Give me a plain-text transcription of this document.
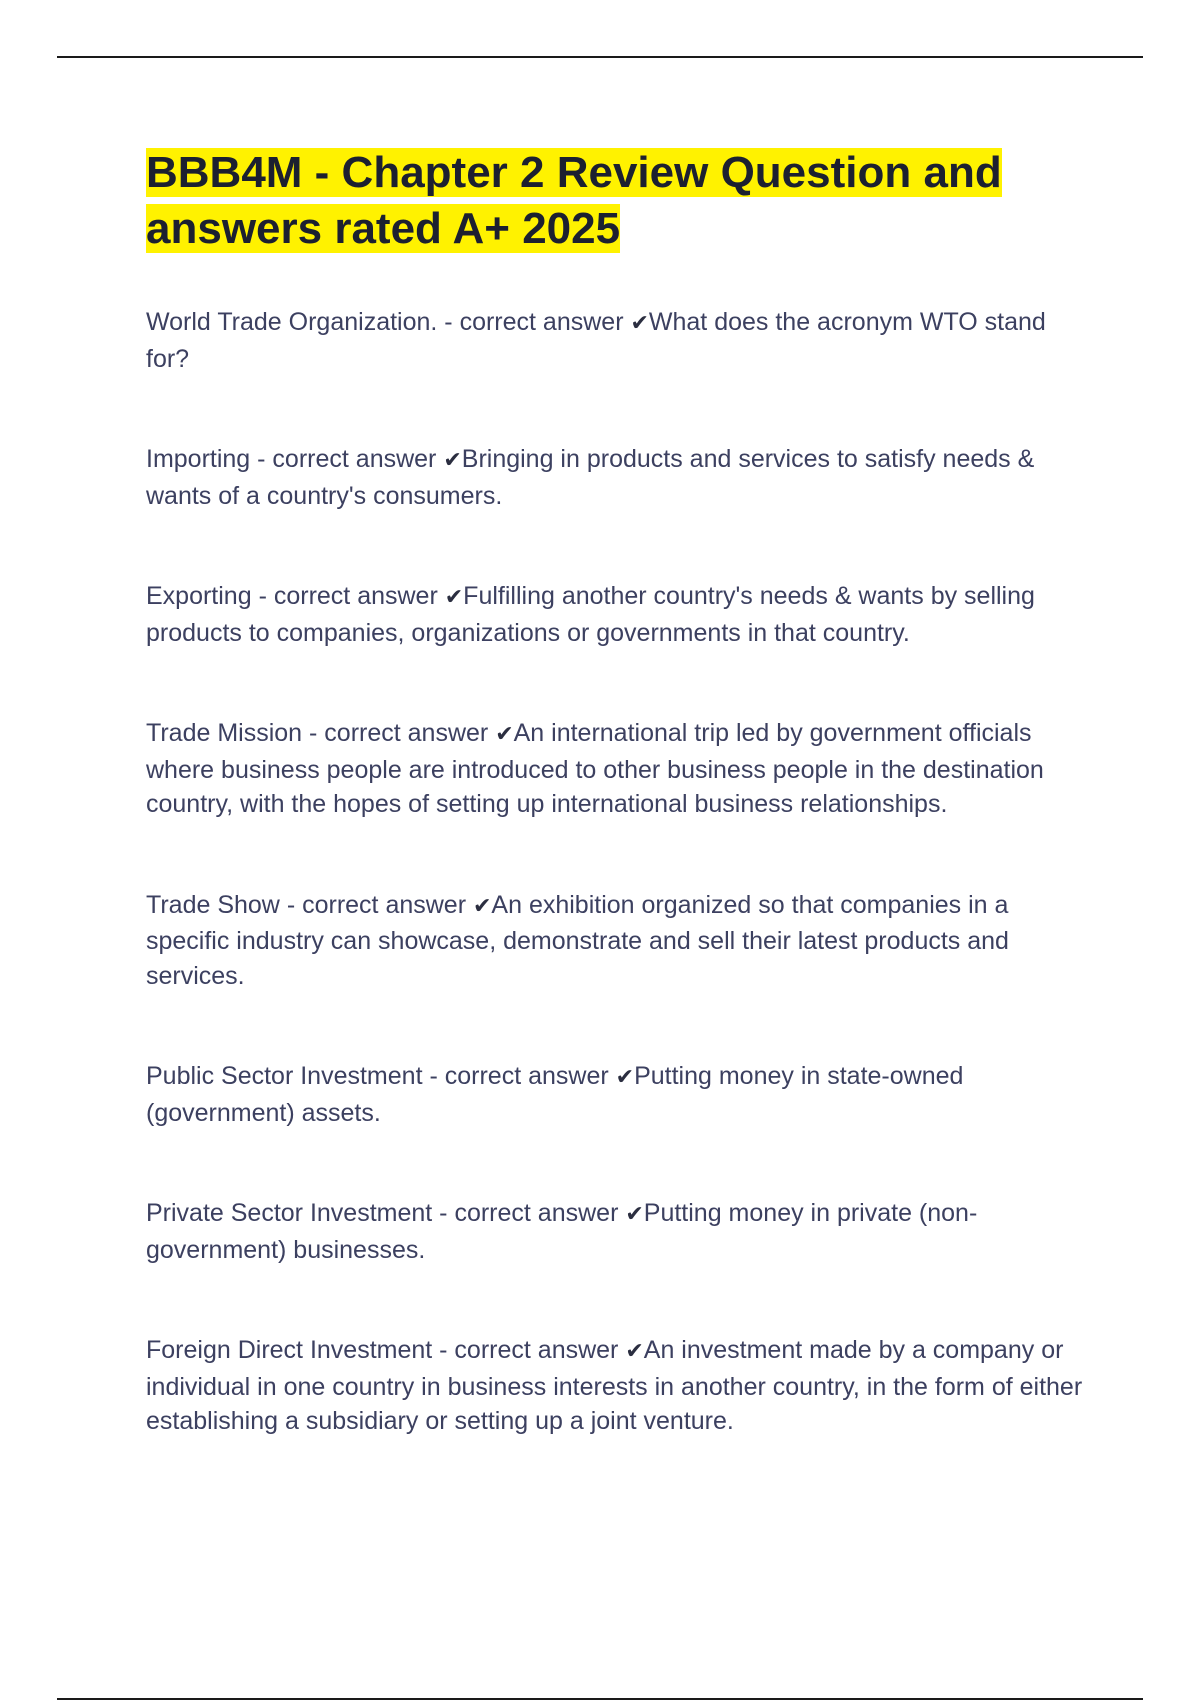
BBB4M - Chapter 2 Review Question and answers rated A+ 2025

World Trade Organization. - correct answer ✔What does the acronym WTO stand for?

Importing - correct answer ✔Bringing in products and services to satisfy needs & wants of a country's consumers.

Exporting - correct answer ✔Fulfilling another country's needs & wants by selling products to companies, organizations or governments in that country.

Trade Mission - correct answer ✔An international trip led by government officials where business people are introduced to other business people in the destination country, with the hopes of setting up international business relationships.

Trade Show - correct answer ✔An exhibition organized so that companies in a specific industry can showcase, demonstrate and sell their latest products and services.

Public Sector Investment - correct answer ✔Putting money in state-owned (government) assets.

Private Sector Investment - correct answer ✔Putting money in private (non-government) businesses.

Foreign Direct Investment - correct answer ✔An investment made by a company or individual in one country in business interests in another country, in the form of either establishing a subsidiary or setting up a joint venture.
